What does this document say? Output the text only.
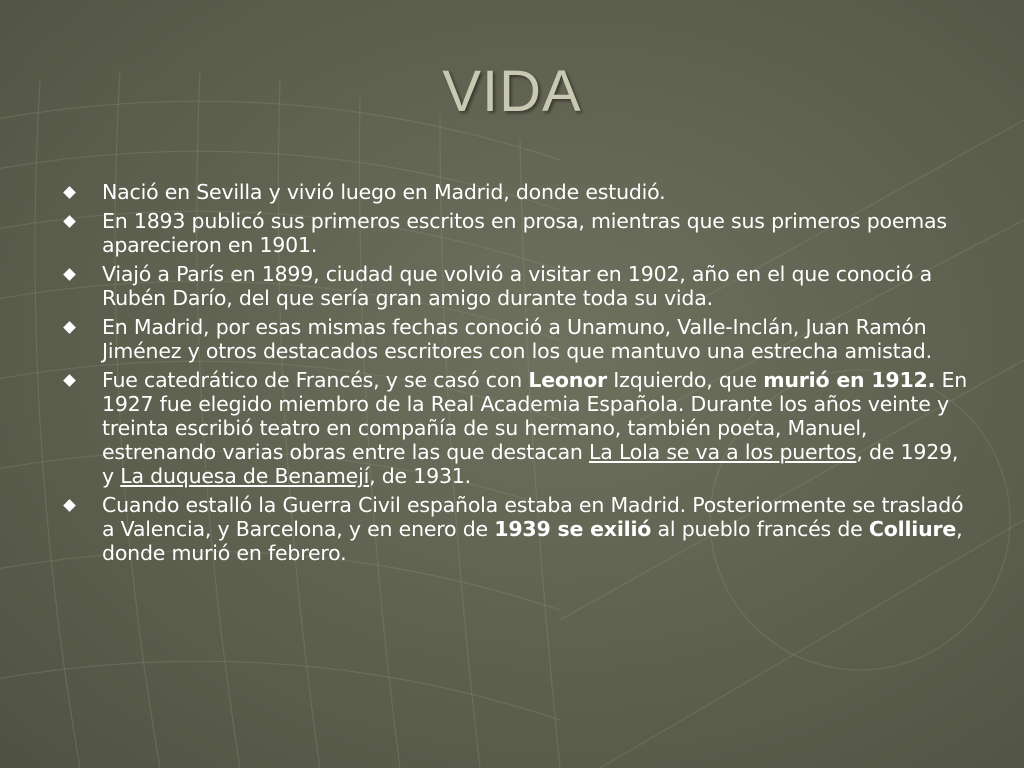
VIDA
Nació en Sevilla y vivió luego en Madrid, donde estudió.
En 1893 publicó sus primeros escritos en prosa, mientras que sus primeros poemas aparecieron en 1901.
Viajó a París en 1899, ciudad que volvió a visitar en 1902, año en el que conoció a Rubén Darío, del que sería gran amigo durante toda su vida.
En Madrid, por esas mismas fechas conoció a Unamuno, Valle-Inclán, Juan Ramón Jiménez y otros destacados escritores con los que mantuvo una estrecha amistad.
Fue catedrático de Francés, y se casó con Leonor Izquierdo, que murió en 1912. En 1927 fue elegido miembro de la Real Academia Española. Durante los años veinte y treinta escribió teatro en compañía de su hermano, también poeta, Manuel, estrenando varias obras entre las que destacan La Lola se va a los puertos, de 1929, y La duquesa de Benamejí, de 1931.
Cuando estalló la Guerra Civil española estaba en Madrid. Posteriormente se trasladó a Valencia, y Barcelona, y en enero de 1939 se exilió al pueblo francés de Colliure, donde murió en febrero.
